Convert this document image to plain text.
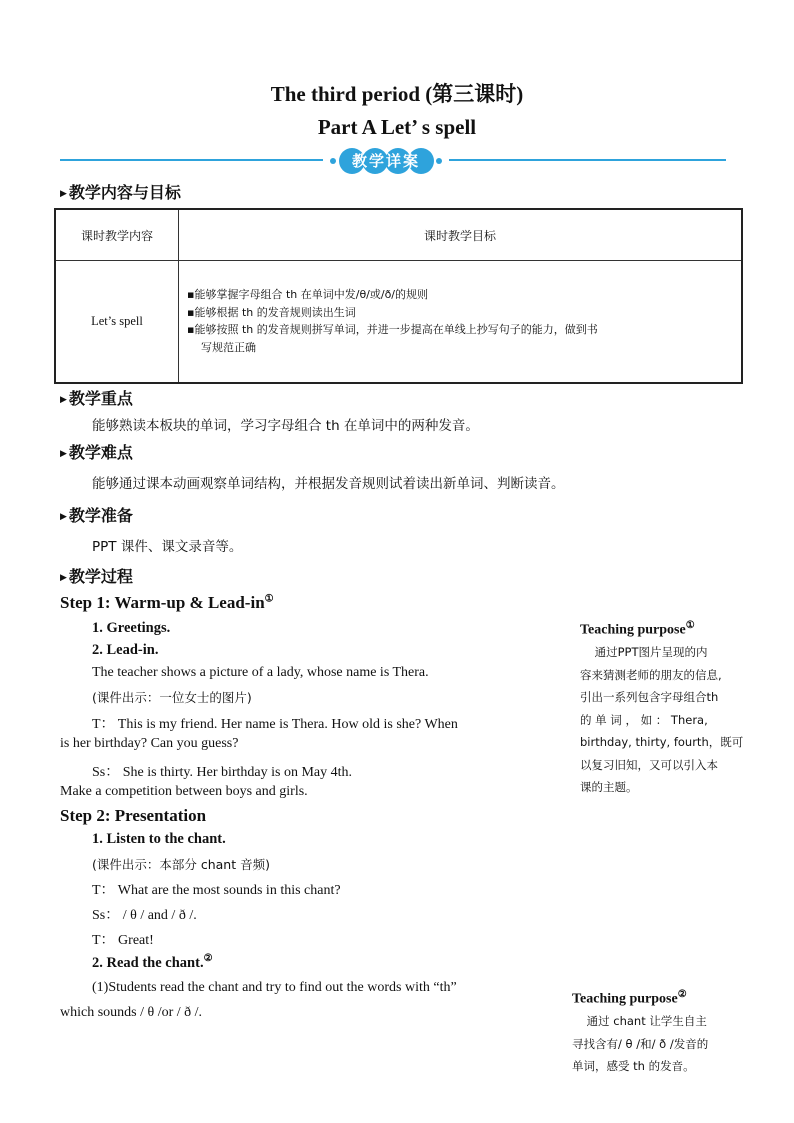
The third period (第三课时)
Part A Let’ s spell
教学详案
▶ 教学内容与目标
课时教学内容	课时教学目标
Let’s spell	▪能够掌握字母组合 th 在单词中发/θ/或/ð/的规则
▪能够根据 th 的发音规则读出生词
▪能够按照 th 的发音规则拼写单词，并进一步提高在单线上抄写句子的能力，做到书
写规范正确
▶ 教学重点
能够熟读本板块的单词，学习字母组合 th 在单词中的两种发音。
▶ 教学难点
能够通过课本动画观察单词结构，并根据发音规则试着读出新单词、判断读音。
▶ 教学准备
PPT 课件、课文录音等。
▶ 教学过程
Step 1: Warm-up & Lead-in①
1. Greetings.
2. Lead-in.
The teacher shows a picture of a lady, whose name is Thera.
(课件出示：一位女士的图片)
T： This is my friend. Her name is Thera. How old is she? When
is her birthday? Can you guess?
Ss： She is thirty. Her birthday is on May 4th.
Make a competition between boys and girls.
Step 2: Presentation
1. Listen to the chant.
(课件出示：本部分 chant 音频)
T： What are the most sounds in this chant?
Ss： / θ / and / ð /.
T： Great!
2. Read the chant.②
(1)Students read the chant and try to find out the words with “th”
which sounds / θ /or / ð /.
Teaching purpose①
通过PPT图片呈现的内
容来猜测老师的朋友的信息,
引出一系列包含字母组合th
的 单 词 ， 如 ： Thera,
birthday, thirty, fourth，既可
以复习旧知，又可以引入本
课的主题。
Teaching purpose②
通过 chant 让学生自主
寻找含有/ θ /和/ ð /发音的
单词，感受 th 的发音。
